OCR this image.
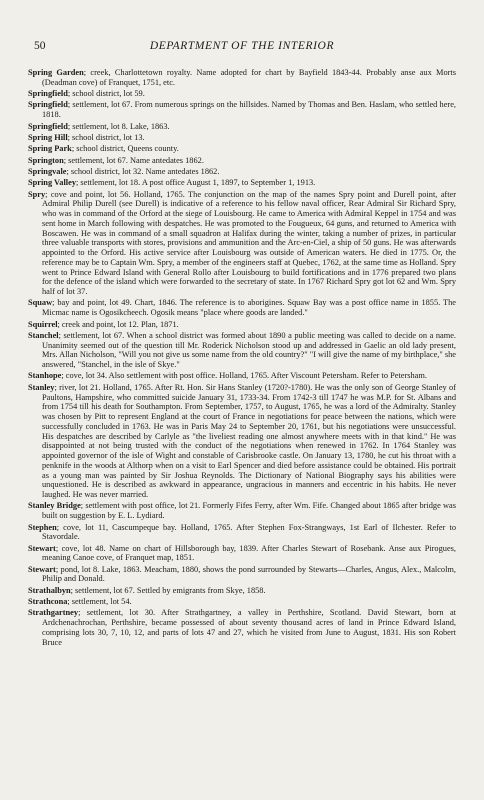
50	DEPARTMENT OF THE INTERIOR

Spring Garden; creek, Charlottetown royalty. Name adopted for chart by Bayfield 1843-44. Probably anse aux Morts (Deadman cove) of Franquet, 1751, etc.

Springfield; school district, lot 59.

Springfield; settlement, lot 67. From numerous springs on the hillsides. Named by Thomas and Ben. Haslam, who settled here, 1818.

Springfield; settlement, lot 8. Lake, 1863.

Spring Hill; school district, lot 13.

Spring Park; school district, Queens county.

Springton; settlement, lot 67. Name antedates 1862.

Springvale; school district, lot 32. Name antedates 1862.

Spring Valley; settlement, lot 18. A post office August 1, 1897, to September 1, 1913.

Spry; cove and point, lot 56. Holland, 1765. The conjunction on the map of the names Spry point and Durell point, after Admiral Philip Durell (see Durell) is indicative of a reference to his fellow naval officer, Rear Admiral Sir Richard Spry, who was in command of the Orford at the siege of Louisbourg. He came to America with Admiral Keppel in 1754 and was sent home in March following with despatches. He was promoted to the Fougueux, 64 guns, and returned to America with Boscawen. He was in command of a small squadron at Halifax during the winter, taking a number of prizes, in particular three valuable transports with stores, provisions and ammunition and the Arc-en-Ciel, a ship of 50 guns. He was afterwards appointed to the Orford. His active service after Louisbourg was outside of American waters. He died in 1775. Or, the reference may be to Captain Wm. Spry, a member of the engineers staff at Quebec, 1762, at the same time as Holland. Spry went to Prince Edward Island with General Rollo after Louisbourg to build fortifications and in 1776 prepared two plans for the defence of the island which were forwarded to the secretary of state. In 1767 Richard Spry got lot 62 and Wm. Spry half of lot 37.

Squaw; bay and point, lot 49. Chart, 1846. The reference is to aborigines. Squaw Bay was a post office name in 1855. The Micmac name is Ogosikcheech. Ogosik means "place where goods are landed."

Squirrel; creek and point, lot 12. Plan, 1871.

Stanchel; settlement, lot 67. When a school district was formed about 1890 a public meeting was called to decide on a name. Unanimity seemed out of the question till Mr. Roderick Nicholson stood up and addressed in Gaelic an old lady present, Mrs. Allan Nicholson, "Will you not give us some name from the old country?" "I will give the name of my birthplace," she answered, "Stanchel, in the isle of Skye."

Stanhope; cove, lot 34. Also settlement with post office. Holland, 1765. After Viscount Petersham. Refer to Petersham.

Stanley; river, lot 21. Holland, 1765. After Rt. Hon. Sir Hans Stanley (1720?-1780). He was the only son of George Stanley of Paultons, Hampshire, who committed suicide January 31, 1733-34. From 1742-3 till 1747 he was M.P. for St. Albans and from 1754 till his death for Southampton. From September, 1757, to August, 1765, he was a lord of the Admiralty. Stanley was chosen by Pitt to represent England at the court of France in negotiations for peace between the nations, which were successfully concluded in 1763. He was in Paris May 24 to September 20, 1761, but his negotiations were unsuccessful. His despatches are described by Carlyle as "the liveliest reading one almost anywhere meets with in that kind." He was disappointed at not being trusted with the conduct of the negotiations when renewed in 1762. In 1764 Stanley was appointed governor of the isle of Wight and constable of Carisbrooke castle. On January 13, 1780, he cut his throat with a penknife in the woods at Althorp when on a visit to Earl Spencer and died before assistance could be obtained. His portrait as a young man was painted by Sir Joshua Reynolds. The Dictionary of National Biography says his abilities were unquestioned. He is described as awkward in appearance, ungracious in manners and eccentric in his habits. He never laughed. He was never married.

Stanley Bridge; settlement with post office, lot 21. Formerly Fifes Ferry, after Wm. Fife. Changed about 1865 after bridge was built on suggestion by E. L. Lydiard.

Stephen; cove, lot 11, Cascumpeque bay. Holland, 1765. After Stephen Fox-Strangways, 1st Earl of Ilchester. Refer to Stavordale.

Stewart; cove, lot 48. Name on chart of Hillsborough bay, 1839. After Charles Stewart of Rosebank. Anse aux Pirogues, meaning Canoe cove, of Franquet map, 1851.

Stewart; pond, lot 8. Lake, 1863. Meacham, 1880, shows the pond surrounded by Stewarts—Charles, Angus, Alex., Malcolm, Philip and Donald.

Strathalbyn; settlement, lot 67. Settled by emigrants from Skye, 1858.

Strathcona; settlement, lot 54.

Strathgartney; settlement, lot 30. After Strathgartney, a valley in Perthshire, Scotland. David Stewart, born at Ardchenachrochan, Perthshire, became possessed of about seventy thousand acres of land in Prince Edward Island, comprising lots 30, 7, 10, 12, and parts of lots 47 and 27, which he visited from June to August, 1831. His son Robert Bruce
